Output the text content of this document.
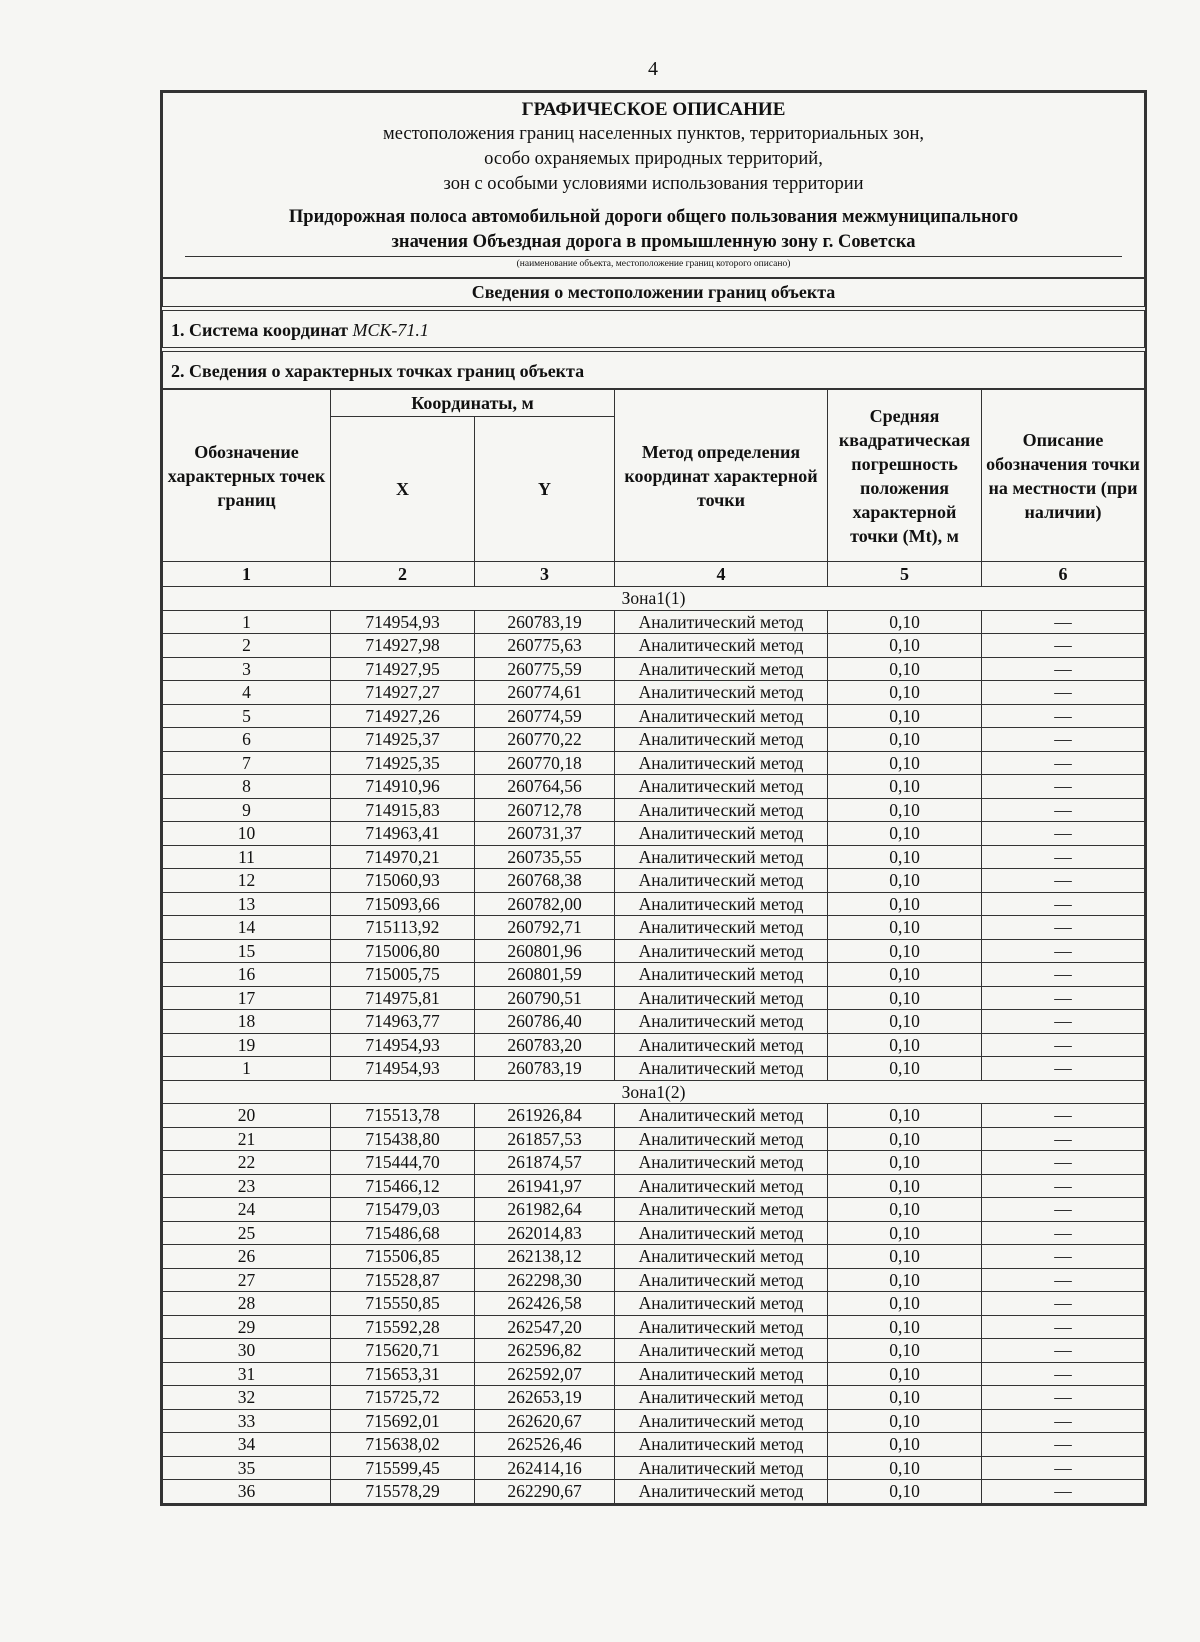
4
ГРАФИЧЕСКОЕ ОПИСАНИЕ
местоположения границ населенных пунктов, территориальных зон,
особо охраняемых природных территорий,
зон с особыми условиями использования территории
Придорожная полоса автомобильной дороги общего пользования межмуниципального
значения Объездная дорога в промышленную зону г. Советска
(наименование объекта, местоположение границ которого описано)
Сведения о местоположении границ объекта
1. Система координат МСК-71.1
2. Сведения о характерных точках границ объекта
Обозначение характерных точек границ	Координаты, м		Метод определения координат характерной точки	Средняя квадратическая погрешность положения характерной точки (Mt), м	Описание обозначения точки на местности (при наличии)
	X	Y			
1	2	3	4	5	6
Зона1(1)					
1	714954,93	260783,19	Аналитический метод	0,10	—
2	714927,98	260775,63	Аналитический метод	0,10	—
3	714927,95	260775,59	Аналитический метод	0,10	—
4	714927,27	260774,61	Аналитический метод	0,10	—
5	714927,26	260774,59	Аналитический метод	0,10	—
6	714925,37	260770,22	Аналитический метод	0,10	—
7	714925,35	260770,18	Аналитический метод	0,10	—
8	714910,96	260764,56	Аналитический метод	0,10	—
9	714915,83	260712,78	Аналитический метод	0,10	—
10	714963,41	260731,37	Аналитический метод	0,10	—
11	714970,21	260735,55	Аналитический метод	0,10	—
12	715060,93	260768,38	Аналитический метод	0,10	—
13	715093,66	260782,00	Аналитический метод	0,10	—
14	715113,92	260792,71	Аналитический метод	0,10	—
15	715006,80	260801,96	Аналитический метод	0,10	—
16	715005,75	260801,59	Аналитический метод	0,10	—
17	714975,81	260790,51	Аналитический метод	0,10	—
18	714963,77	260786,40	Аналитический метод	0,10	—
19	714954,93	260783,20	Аналитический метод	0,10	—
1	714954,93	260783,19	Аналитический метод	0,10	—
Зона1(2)					
20	715513,78	261926,84	Аналитический метод	0,10	—
21	715438,80	261857,53	Аналитический метод	0,10	—
22	715444,70	261874,57	Аналитический метод	0,10	—
23	715466,12	261941,97	Аналитический метод	0,10	—
24	715479,03	261982,64	Аналитический метод	0,10	—
25	715486,68	262014,83	Аналитический метод	0,10	—
26	715506,85	262138,12	Аналитический метод	0,10	—
27	715528,87	262298,30	Аналитический метод	0,10	—
28	715550,85	262426,58	Аналитический метод	0,10	—
29	715592,28	262547,20	Аналитический метод	0,10	—
30	715620,71	262596,82	Аналитический метод	0,10	—
31	715653,31	262592,07	Аналитический метод	0,10	—
32	715725,72	262653,19	Аналитический метод	0,10	—
33	715692,01	262620,67	Аналитический метод	0,10	—
34	715638,02	262526,46	Аналитический метод	0,10	—
35	715599,45	262414,16	Аналитический метод	0,10	—
36	715578,29	262290,67	Аналитический метод	0,10	—
